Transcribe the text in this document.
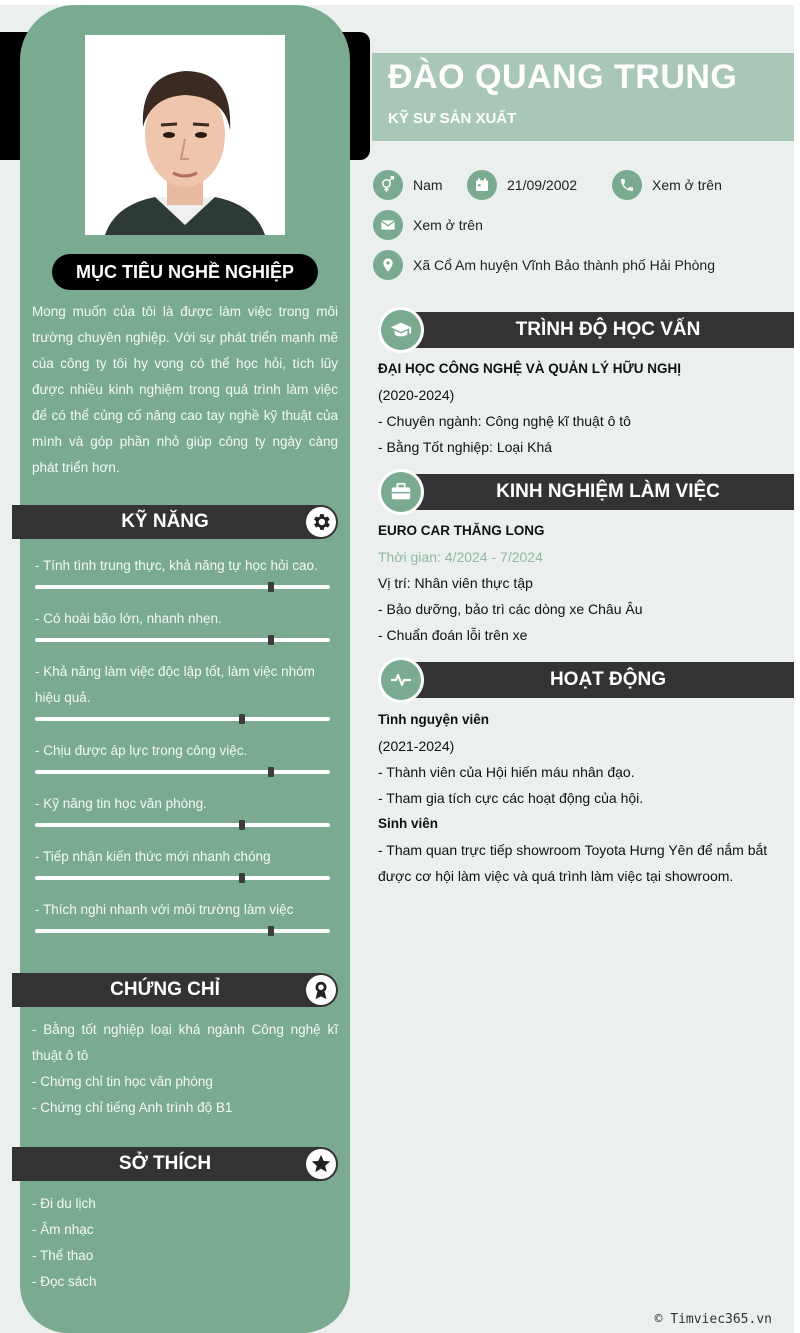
MỤC TIÊU NGHỀ NGHIỆP
Mong muốn của tôi là được làm việc trong môi trường chuyên nghiệp. Với sự phát triển mạnh mẽ của công ty tôi hy vọng có thể học hỏi, tích lũy được nhiều kinh nghiệm trong quá trình làm việc để có thể củng cố nâng cao tay nghề kỹ thuật của mình và góp phần nhỏ giúp công ty ngày càng phát triển hơn.
KỸ NĂNG
- Tính tình trung thực, khả năng tự học hỏi cao.
- Có hoài bão lớn, nhanh nhẹn.
- Khả năng làm việc độc lập tốt, làm việc nhóm hiệu quả.
- Chịu được áp lực trong công việc.
- Kỹ năng tin học văn phòng.
- Tiếp nhận kiến thức mới nhanh chóng
- Thích nghi nhanh với môi trường làm việc
CHỨNG CHỈ
- Bằng tốt nghiệp loại khá ngành Công nghệ kĩ thuật ô tô
- Chứng chỉ tin học văn phòng
- Chứng chỉ tiếng Anh trình độ B1
SỞ THÍCH
- Đi du lịch
- Âm nhạc
- Thể thao
- Đọc sách
ĐÀO QUANG TRUNG
KỸ SƯ SẢN XUẤT
Nam	21/09/2002	Xem ở trên
Xem ở trên
Xã Cổ Am huyện Vĩnh Bảo thành phố Hải Phòng
TRÌNH ĐỘ HỌC VẤN
ĐẠI HỌC CÔNG NGHỆ VÀ QUẢN LÝ HỮU NGHỊ
(2020-2024)
- Chuyên ngành: Công nghệ kĩ thuật ô tô
- Bằng Tốt nghiệp: Loại Khá
KINH NGHIỆM LÀM VIỆC
EURO CAR THĂNG LONG
Thời gian: 4/2024 - 7/2024
Vị trí: Nhân viên thực tập
- Bảo dưỡng, bảo trì các dòng xe Châu Âu
- Chuẩn đoán lỗi trên xe
HOẠT ĐỘNG
Tình nguyện viên
(2021-2024)
- Thành viên của Hội hiến máu nhân đạo.
- Tham gia tích cực các hoạt động của hội.
Sinh viên
- Tham quan trực tiếp showroom Toyota Hưng Yên để nắm bắt được cơ hội làm việc và quá trình làm việc tại showroom.
© Timviec365.vn
